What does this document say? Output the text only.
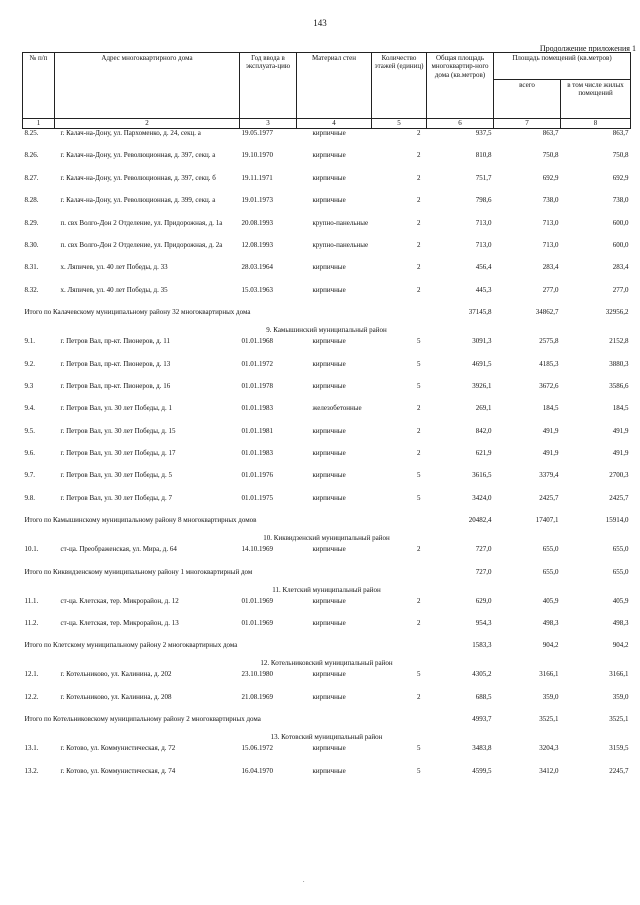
143
Продолжение приложения 1
№ п/п	Адрес многоквартирного дома	Год ввода в эксплуата-цию	Материал стен	Количество этажей (единиц)	Общая площадь многоквартир-ного дома (кв.метров)	Площадь помещений (кв.метров)	
						всего	в том числе жилых помещений
1	2	3	4	5	6	7	8
8.25.	г. Калач-на-Дону, ул. Пархоменко, д. 24, секц. а	19.05.1977	кирпичные	2	937,5	863,7	863,7
8.26.	г. Калач-на-Дону, ул. Революционная, д. 397, секц. а	19.10.1970	кирпичные	2	810,8	750,8	750,8
8.27.	г. Калач-на-Дону, ул. Революционная, д. 397, секц. б	19.11.1971	кирпичные	2	751,7	692,9	692,9
8.28.	г. Калач-на-Дону, ул. Революционная, д. 399, секц. а	19.01.1973	кирпичные	2	798,6	738,0	738,0
8.29.	п. свх Волго-Дон 2 Отделение, ул. Придорожная, д. 1а	20.08.1993	крупно-панельные	2	713,0	713,0	600,0
8.30.	п. свх Волго-Дон 2 Отделение, ул. Придорожная, д. 2а	12.08.1993	крупно-панельные	2	713,0	713,0	600,0
8.31.	х. Ляпичев, ул. 40 лет Победы, д. 33	28.03.1964	кирпичные	2	456,4	283,4	283,4
8.32.	х. Ляпичев, ул. 40 лет Победы, д. 35	15.03.1963	кирпичные	2	445,3	277,0	277,0
Итого по Калачевскому муниципальному району 32 многоквартирных дома					37145,8	34862,7	32956,2
9. Камышинский муниципальный район							
9.1.	г. Петров Вал, пр-кт. Пионеров, д. 11	01.01.1968	кирпичные	5	3091,3	2575,8	2152,8
9.2.	г. Петров Вал, пр-кт. Пионеров, д. 13	01.01.1972	кирпичные	5	4691,5	4185,3	3880,3
9.3	г. Петров Вал, пр-кт. Пионеров, д. 16	01.01.1978	кирпичные	5	3926,1	3672,6	3586,6
9.4.	г. Петров Вал, ул. 30 лет Победы, д. 1	01.01.1983	железобетонные	2	269,1	184,5	184,5
9.5.	г. Петров Вал, ул. 30 лет Победы, д. 15	01.01.1981	кирпичные	2	842,0	491,9	491,9
9.6.	г. Петров Вал, ул. 30 лет Победы, д. 17	01.01.1983	кирпичные	2	621,9	491,9	491,9
9.7.	г. Петров Вал, ул. 30 лет Победы, д. 5	01.01.1976	кирпичные	5	3616,5	3379,4	2700,3
9.8.	г. Петров Вал, ул. 30 лет Победы, д. 7	01.01.1975	кирпичные	5	3424,0	2425,7	2425,7
Итого по Камышинскому муниципальному району 8 многоквартирных домов					20482,4	17407,1	15914,0
10. Киквидзенский муниципальный район							
10.1.	ст-ца. Преображенская, ул. Мира, д. 64	14.10.1969	кирпичные	2	727,0	655,0	655,0
Итого по Киквидзенскому муниципальному району 1 многоквартирный дом					727,0	655,0	655,0
11. Клетский муниципальный район							
11.1.	ст-ца. Клетская, тер. Микрорайон, д. 12	01.01.1969	кирпичные	2	629,0	405,9	405,9
11.2.	ст-ца. Клетская, тер. Микрорайон, д. 13	01.01.1969	кирпичные	2	954,3	498,3	498,3
Итого по Клетскому муниципальному району 2 многоквартирных дома					1583,3	904,2	904,2
12. Котельниковский муниципальный район							
12.1.	г. Котельниково, ул. Калинина, д. 202	23.10.1980	кирпичные	5	4305,2	3166,1	3166,1
12.2.	г. Котельниково, ул. Калинина, д. 208	21.08.1969	кирпичные	2	688,5	359,0	359,0
Итого по Котельниковскому муниципальному району 2 многоквартирных дома					4993,7	3525,1	3525,1
13. Котовский муниципальный район							
13.1.	г. Котово, ул. Коммунистическая, д. 72	15.06.1972	кирпичные	5	3483,8	3204,3	3159,5
13.2.	г. Котово, ул. Коммунистическая, д. 74	16.04.1970	кирпичные	5	4599,5	3412,0	2245,7
.
